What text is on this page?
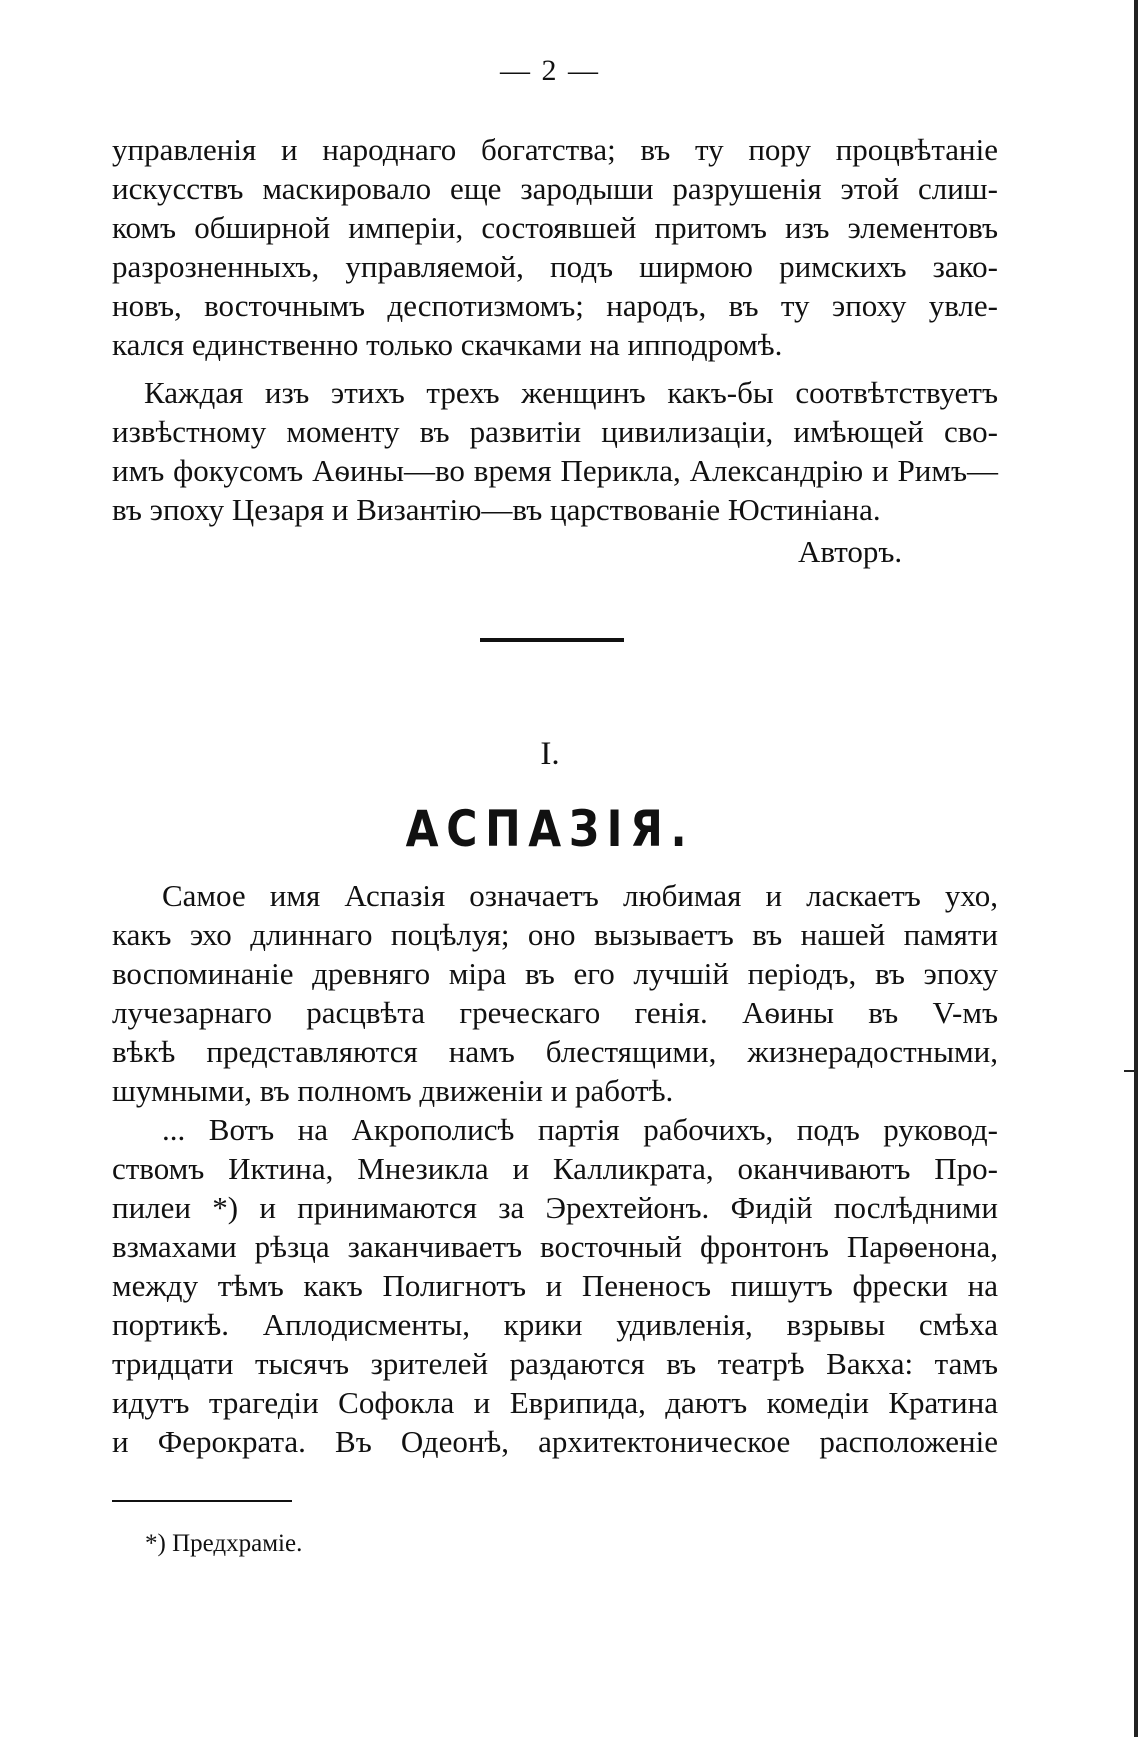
— 2 —
управленія и народнаго богатства; въ ту пору процвѣтаніе
искусствъ маскировало еще зародыши разрушенія этой слиш-
комъ обширной имперіи, состоявшей притомъ изъ элементовъ
разрозненныхъ, управляемой, подъ ширмою римскихъ зако-
новъ, восточнымъ деспотизмомъ; народъ, въ ту эпоху увле-
кался единственно только скачками на ипподромѣ.
Каждая изъ этихъ трехъ женщинъ какъ-бы соотвѣтствуетъ
извѣстному моменту въ развитіи цивилизаціи, имѣющей сво-
имъ фокусомъ Аѳины—во время Перикла, Александрію и Римъ—
въ эпоху Цезаря и Византію—въ царствованіе Юстиніана.
Авторъ.
I.
АСПАЗІЯ.
Самое имя Аспазія означаетъ любимая и ласкаетъ ухо,
какъ эхо длиннаго поцѣлуя; оно вызываетъ въ нашей памяти
воспоминаніе древняго міра въ его лучшій періодъ, въ эпоху
лучезарнаго расцвѣта греческаго генія. Аѳины въ V-мъ
вѣкѣ представляются намъ блестящими, жизнерадостными,
шумными, въ полномъ движеніи и работѣ.
... Вотъ на Акрополисѣ партія рабочихъ, подъ руковод-
ствомъ Иктина, Мнезикла и Калликрата, оканчиваютъ Про-
пилеи *) и принимаются за Эрехтейонъ. Фидій послѣдними
взмахами рѣзца заканчиваетъ восточный фронтонъ Парѳенона,
между тѣмъ какъ Полигнотъ и Пененосъ пишутъ фрески на
портикѣ. Аплодисменты, крики удивленія, взрывы смѣха
тридцати тысячъ зрителей раздаются въ театрѣ Вакха: тамъ
идутъ трагедіи Софокла и Еврипида, даютъ комедіи Кратина
и Ферократа. Въ Одеонѣ, архитектоническое расположеніе
*) Предхраміе.
